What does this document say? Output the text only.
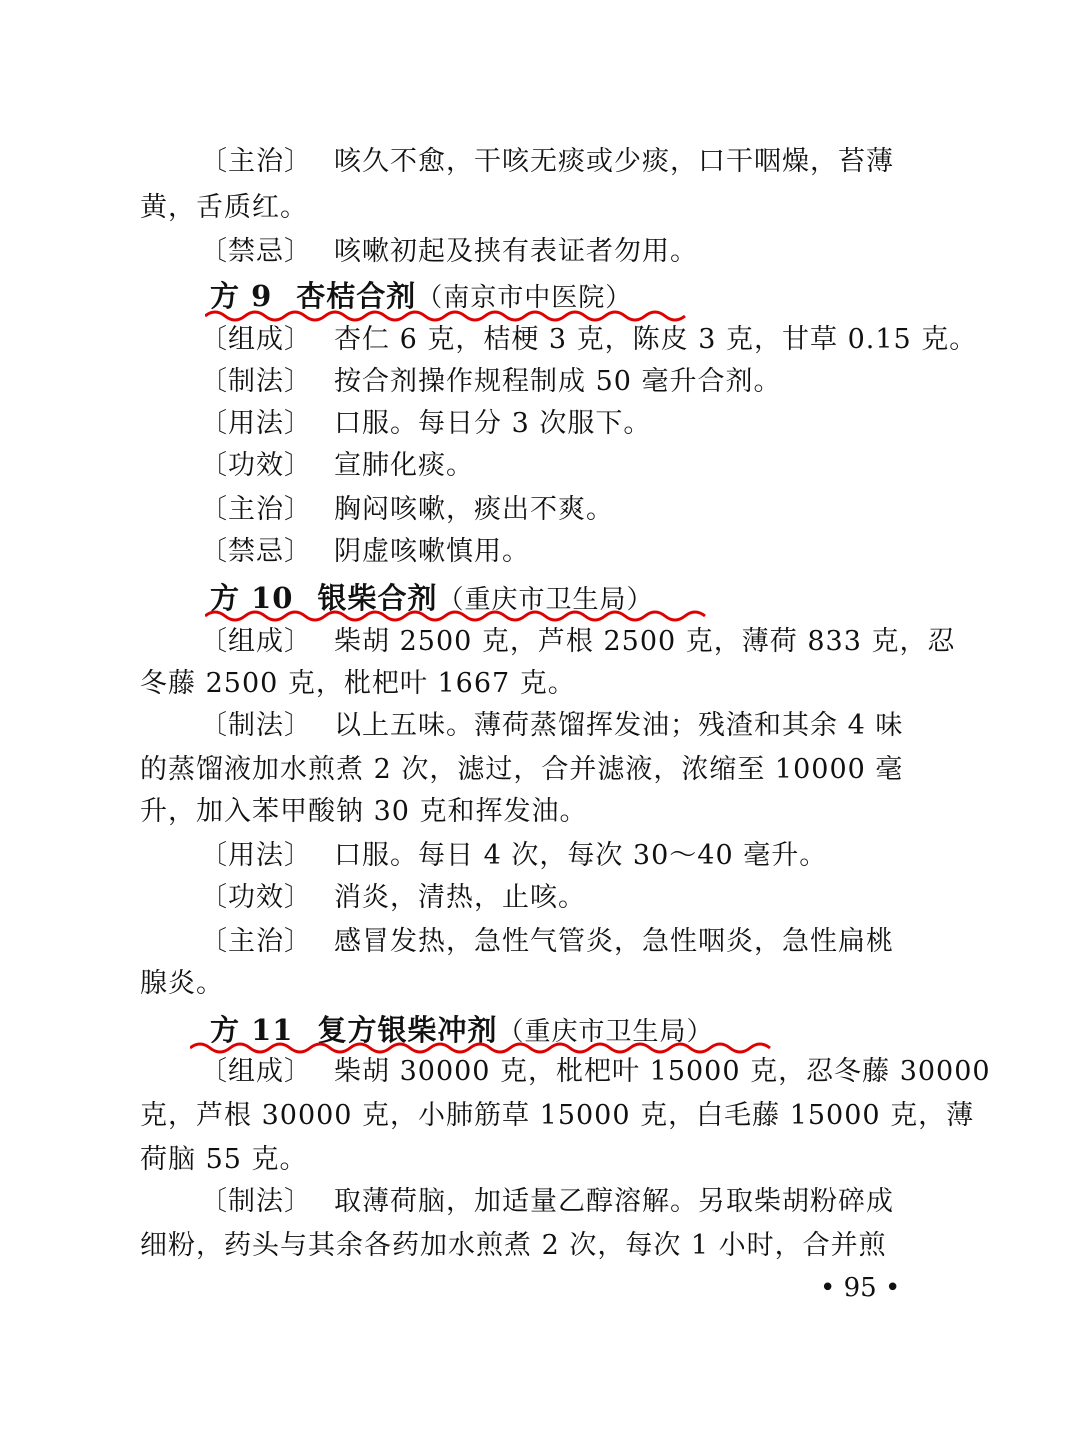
〔主治〕 咳久不愈，干咳无痰或少痰，口干咽燥，苔薄
黄，舌质红。
〔禁忌〕 咳嗽初起及挟有表证者勿用。
方 9 杏桔合剂（南京市中医院）
〔组成〕 杏仁 6 克，桔梗 3 克，陈皮 3 克，甘草 0.15 克。
〔制法〕 按合剂操作规程制成 50 毫升合剂。
〔用法〕 口服。每日分 3 次服下。
〔功效〕 宣肺化痰。
〔主治〕 胸闷咳嗽，痰出不爽。
〔禁忌〕 阴虚咳嗽慎用。
方 10 银柴合剂（重庆市卫生局）
〔组成〕 柴胡 2500 克，芦根 2500 克，薄荷 833 克，忍
冬藤 2500 克，枇杷叶 1667 克。
〔制法〕 以上五味。薄荷蒸馏挥发油；残渣和其余 4 味
的蒸馏液加水煎煮 2 次，滤过，合并滤液，浓缩至 10000 毫
升，加入苯甲酸钠 30 克和挥发油。
〔用法〕 口服。每日 4 次，每次 30～40 毫升。
〔功效〕 消炎，清热，止咳。
〔主治〕 感冒发热，急性气管炎，急性咽炎，急性扁桃
腺炎。
方 11 复方银柴冲剂（重庆市卫生局）
〔组成〕 柴胡 30000 克，枇杷叶 15000 克，忍冬藤 30000
克，芦根 30000 克，小肺筋草 15000 克，白毛藤 15000 克，薄
荷脑 55 克。
〔制法〕 取薄荷脑，加适量乙醇溶解。另取柴胡粉碎成
细粉，药头与其余各药加水煎煮 2 次，每次 1 小时，合并煎
• 95 •
